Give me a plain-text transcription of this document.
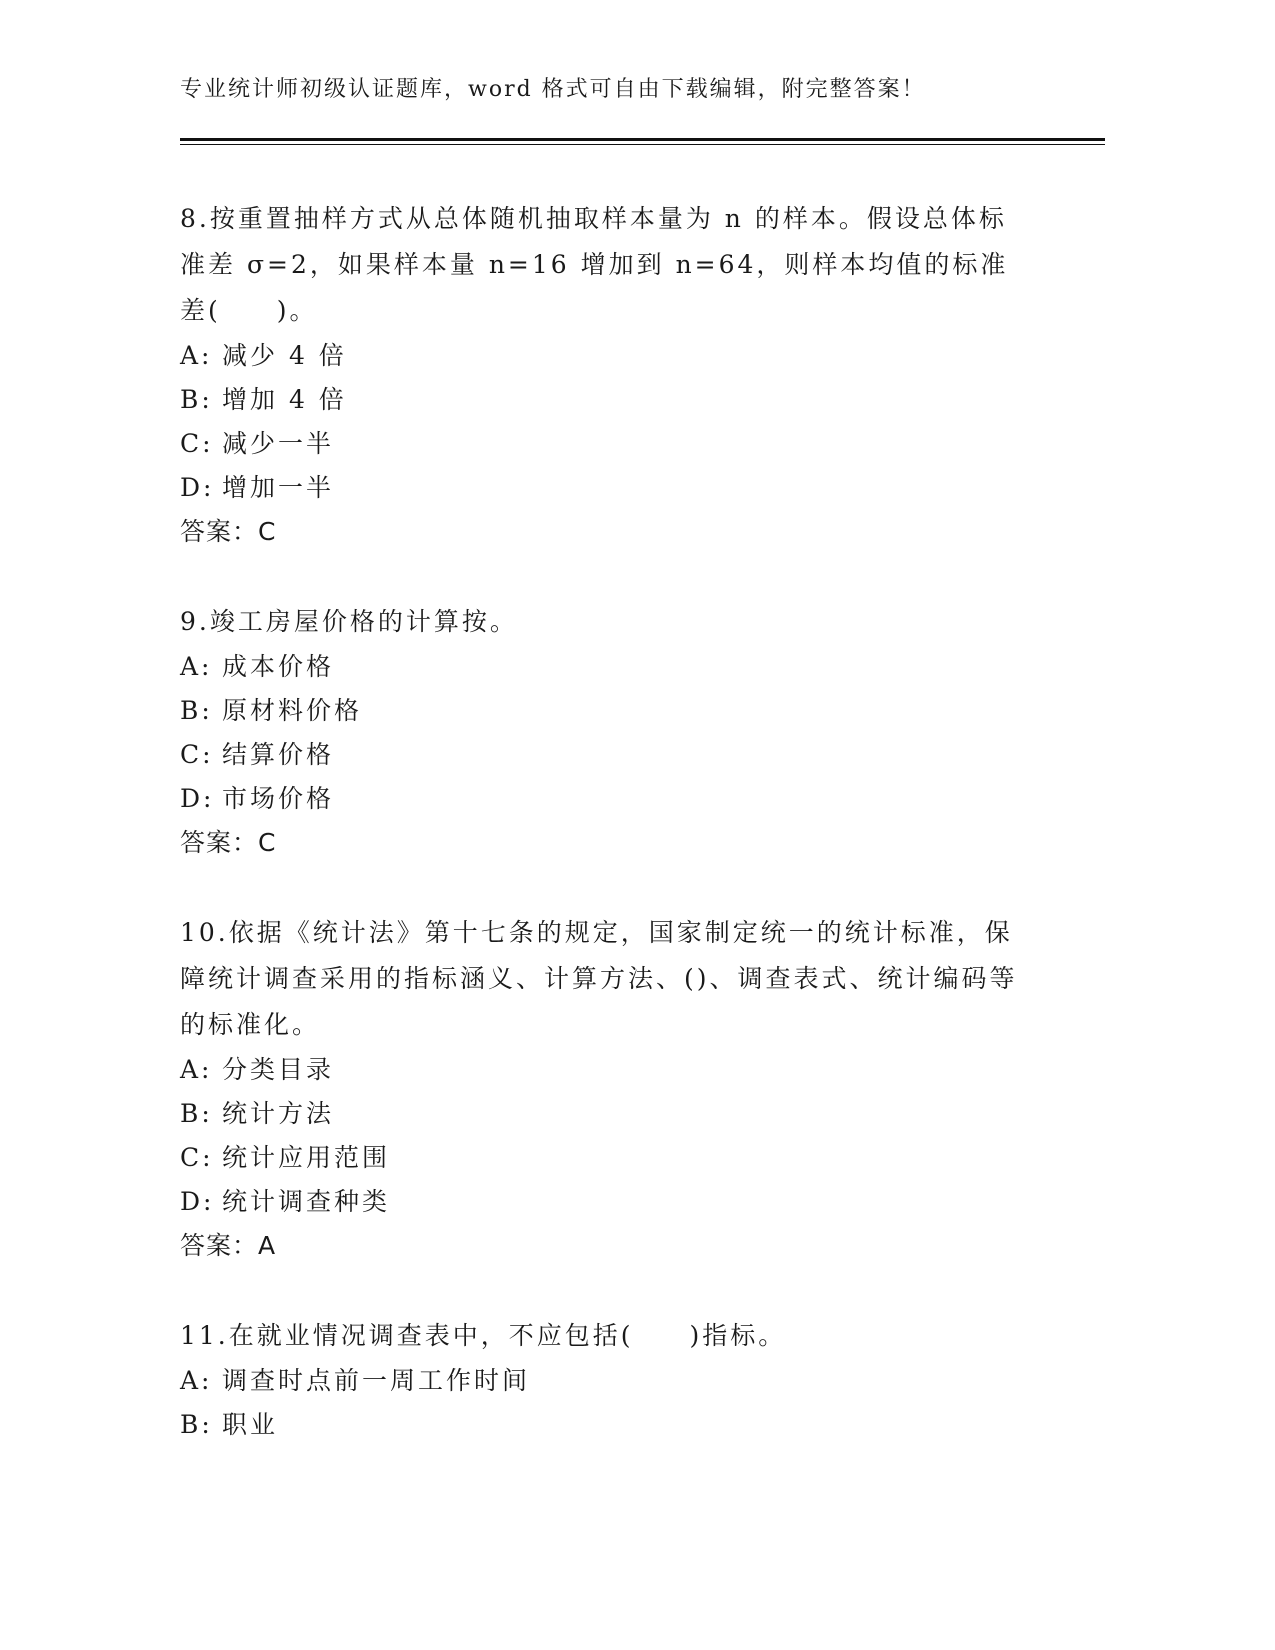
专业统计师初级认证题库，word 格式可自由下载编辑，附完整答案！
8.按重置抽样方式从总体随机抽取样本量为 n 的样本。假设总体标准差 σ=2，如果样本量 n=16 增加到 n=64，则样本均值的标准差(　　)。
A: 减少 4 倍
B: 增加 4 倍
C: 减少一半
D: 增加一半
答案：C
9.竣工房屋价格的计算按。
A: 成本价格
B: 原材料价格
C: 结算价格
D: 市场价格
答案：C
10.依据《统计法》第十七条的规定，国家制定统一的统计标准，保障统计调查采用的指标涵义、计算方法、()、调查表式、统计编码等的标准化。
A: 分类目录
B: 统计方法
C: 统计应用范围
D: 统计调查种类
答案：A
11.在就业情况调查表中，不应包括(　　)指标。
A: 调查时点前一周工作时间
B: 职业
